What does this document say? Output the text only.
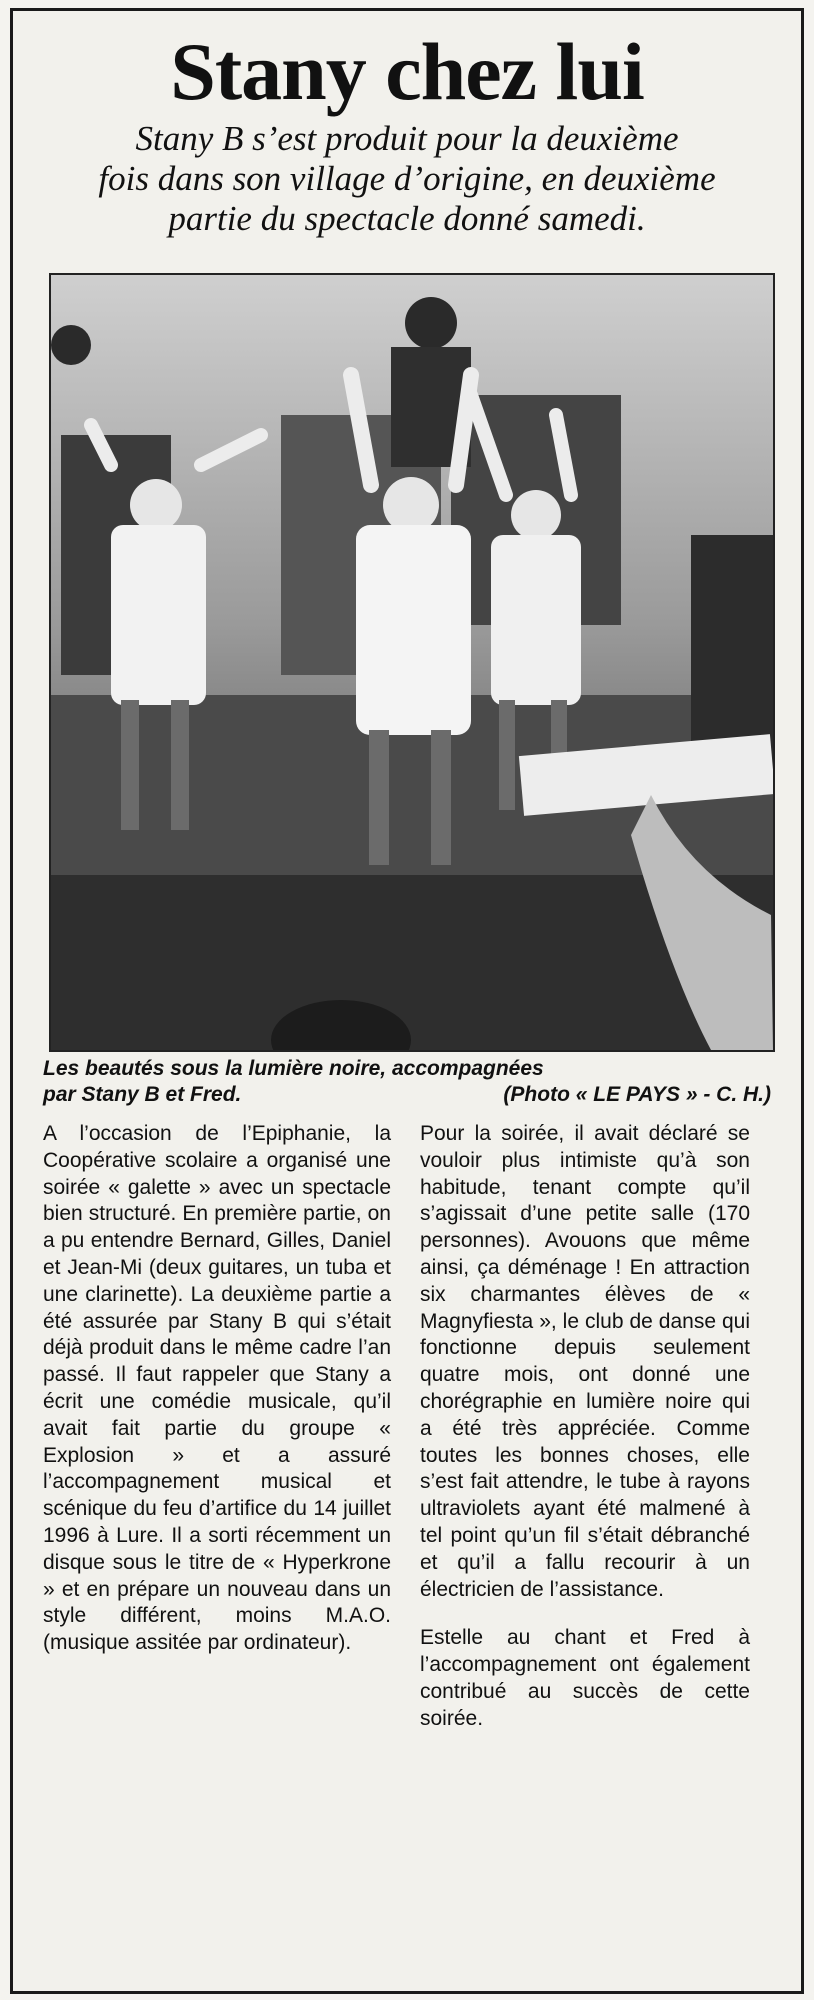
Stany chez lui
Stany B s’est produit pour la deuxième
fois dans son village d’origine, en deuxième
partie du spectacle donné samedi.
Les beautés sous la lumière noire, accompagnées
par Stany B et Fred.	(Photo « LE PAYS » - C. H.)

A l’occasion de l’Epiphanie, la Coopérative scolaire a organisé une soirée « galette » avec un spectacle bien structuré. En première partie, on a pu entendre Bernard, Gilles, Daniel et Jean-Mi (deux guitares, un tuba et une clarinette). La deuxième partie a été assurée par Stany B qui s’était déjà produit dans le même cadre l’an passé. Il faut rappeler que Stany a écrit une comédie musicale, qu’il avait fait partie du groupe « Explosion » et a assuré l’accompagnement musical et scénique du feu d’artifice du 14 juillet 1996 à Lure. Il a sorti récemment un disque sous le titre de « Hyperkrone » et en prépare un nouveau dans un style différent, moins M.A.O. (musique assitée par ordinateur).

Pour la soirée, il avait déclaré se vouloir plus intimiste qu’à son habitude, tenant compte qu’il s’agissait d’une petite salle (170 personnes). Avouons que même ainsi, ça déménage ! En attraction six charmantes élèves de « Magnyfiesta », le club de danse qui fonctionne depuis seulement quatre mois, ont donné une chorégraphie en lumière noire qui a été très appréciée. Comme toutes les bonnes choses, elle s’est fait attendre, le tube à rayons ultraviolets ayant été malmené à tel point qu’un fil s’était débranché et qu’il a fallu recourir à un électricien de l’assistance.

Estelle au chant et Fred à l’accompagnement ont également contribué au succès de cette soirée.
